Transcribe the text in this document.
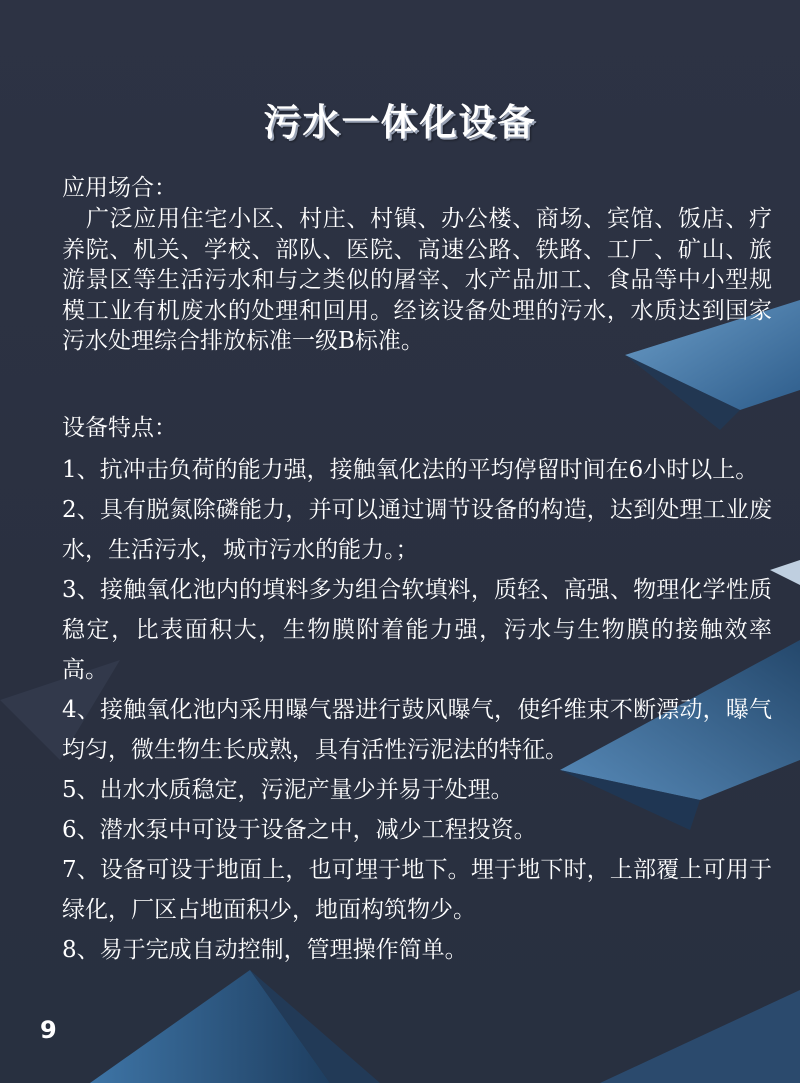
污水一体化设备
应用场合：
广泛应用住宅小区、村庄、村镇、办公楼、商场、宾馆、饭店、疗养院、机关、学校、部队、医院、高速公路、铁路、工厂、矿山、旅游景区等生活污水和与之类似的屠宰、水产品加工、食品等中小型规模工业有机废水的处理和回用。经该设备处理的污水，水质达到国家污水处理综合排放标准一级B标准。
设备特点：
1、抗冲击负荷的能力强，接触氧化法的平均停留时间在6小时以上。
2、具有脱氮除磷能力，并可以通过调节设备的构造，达到处理工业废水，生活污水，城市污水的能力。；
3、接触氧化池内的填料多为组合软填料，质轻、高强、物理化学性质稳定，比表面积大，生物膜附着能力强，污水与生物膜的接触效率高。
4、接触氧化池内采用曝气器进行鼓风曝气，使纤维束不断漂动，曝气均匀，微生物生长成熟，具有活性污泥法的特征。
5、出水水质稳定，污泥产量少并易于处理。
6、潜水泵中可设于设备之中，减少工程投资。
7、设备可设于地面上，也可埋于地下。埋于地下时，上部覆上可用于绿化，厂区占地面积少，地面构筑物少。
8、易于完成自动控制，管理操作简单。
9
